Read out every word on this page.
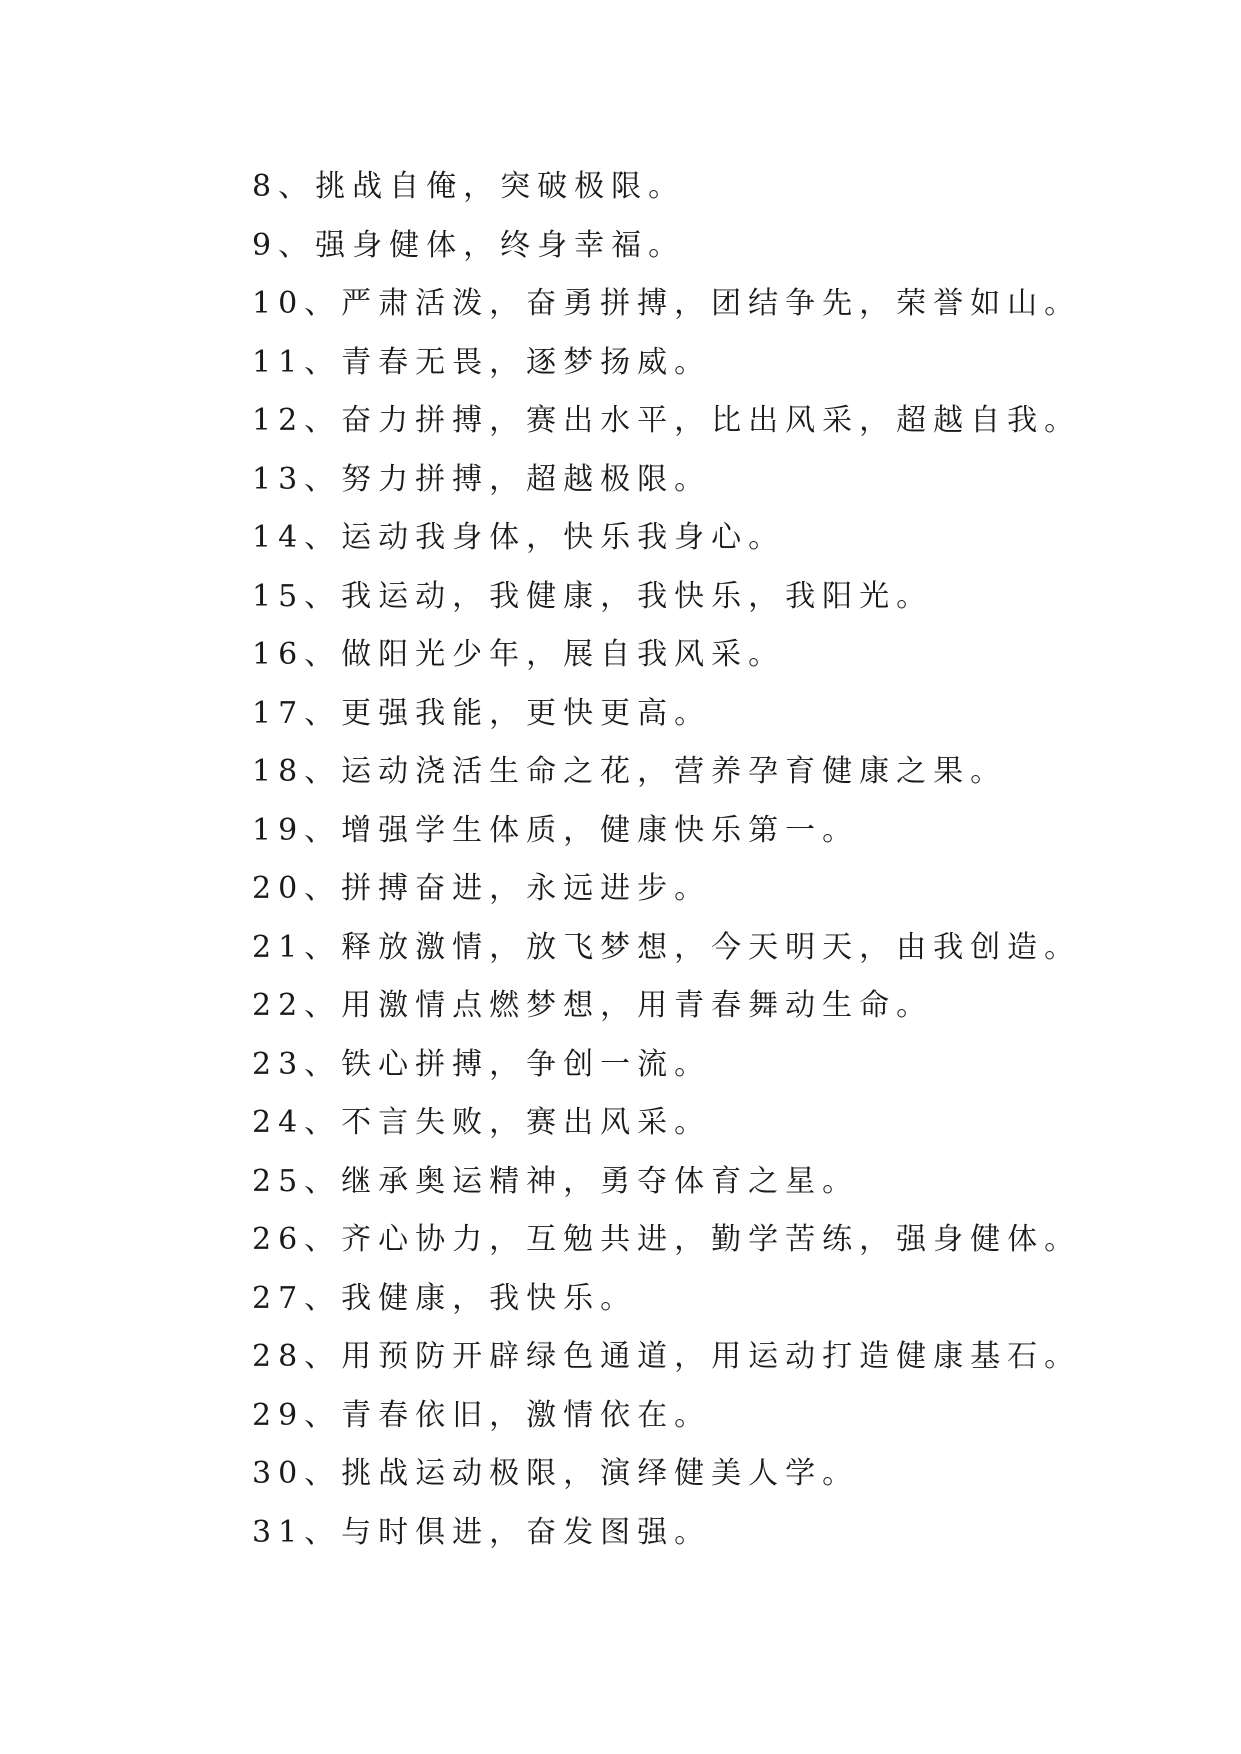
8、挑战自俺，突破极限。
9、强身健体，终身幸福。
10、严肃活泼，奋勇拼搏，团结争先，荣誉如山。
11、青春无畏，逐梦扬威。
12、奋力拼搏，赛出水平，比出风采，超越自我。
13、努力拼搏，超越极限。
14、运动我身体，快乐我身心。
15、我运动，我健康，我快乐，我阳光。
16、做阳光少年，展自我风采。
17、更强我能，更快更高。
18、运动浇活生命之花，营养孕育健康之果。
19、增强学生体质，健康快乐第一。
20、拼搏奋进，永远进步。
21、释放激情，放飞梦想，今天明天，由我创造。
22、用激情点燃梦想，用青春舞动生命。
23、铁心拼搏，争创一流。
24、不言失败，赛出风采。
25、继承奥运精神，勇夺体育之星。
26、齐心协力，互勉共进，勤学苦练，强身健体。
27、我健康，我快乐。
28、用预防开辟绿色通道，用运动打造健康基石。
29、青春依旧，激情依在。
30、挑战运动极限，演绎健美人学。
31、与时俱进，奋发图强。
